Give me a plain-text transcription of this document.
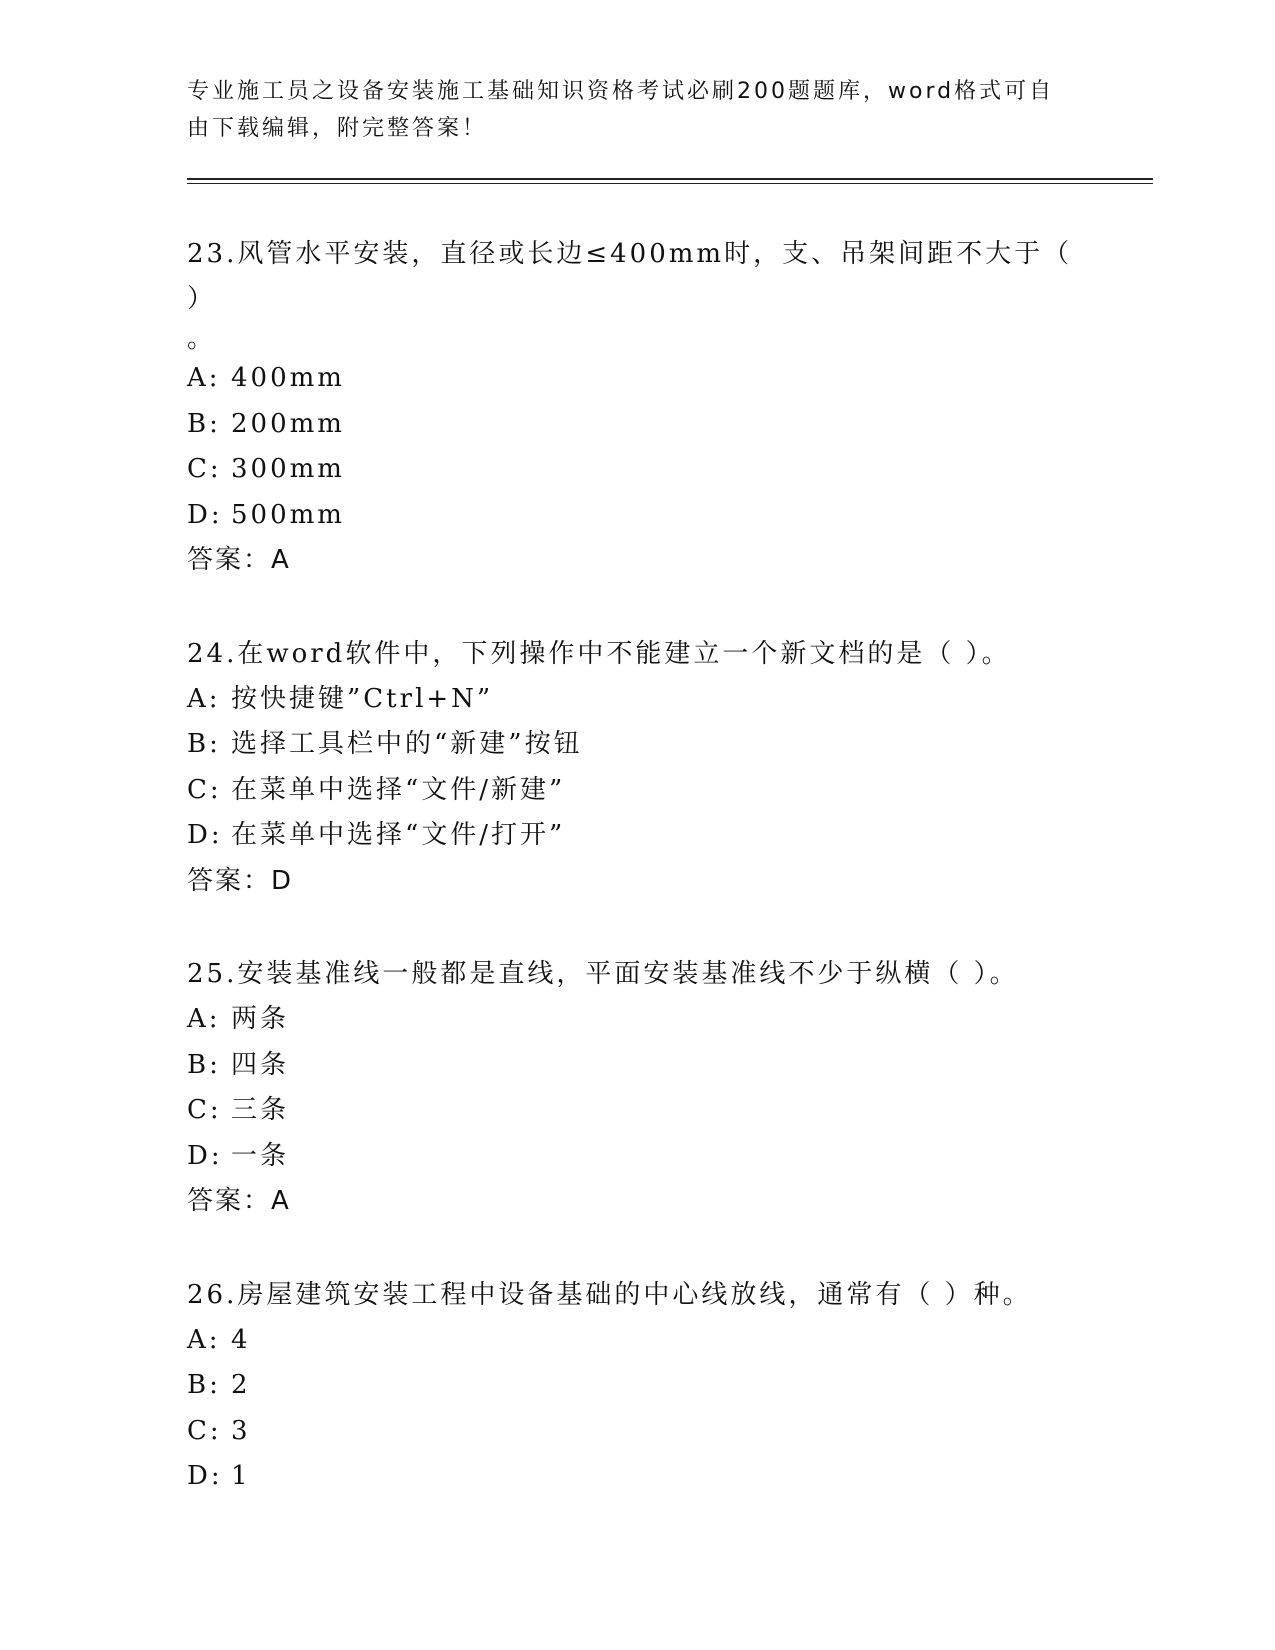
专业施工员之设备安装施工基础知识资格考试必刷200题题库，word格式可自由下载编辑，附完整答案！
23.风管水平安装，直径或长边≤400mm时，支、吊架间距不大于（ ）
。
A: 400mm
B: 200mm
C: 300mm
D: 500mm
答案：A
24.在word软件中，下列操作中不能建立一个新文档的是（ ）。
A: 按快捷键”Ctrl+N”
B: 选择工具栏中的“新建”按钮
C: 在菜单中选择“文件/新建”
D: 在菜单中选择“文件/打开”
答案：D
25.安装基准线一般都是直线，平面安装基准线不少于纵横（ ）。
A: 两条
B: 四条
C: 三条
D: 一条
答案：A
26.房屋建筑安装工程中设备基础的中心线放线，通常有（ ）种。
A: 4
B: 2
C: 3
D: 1
